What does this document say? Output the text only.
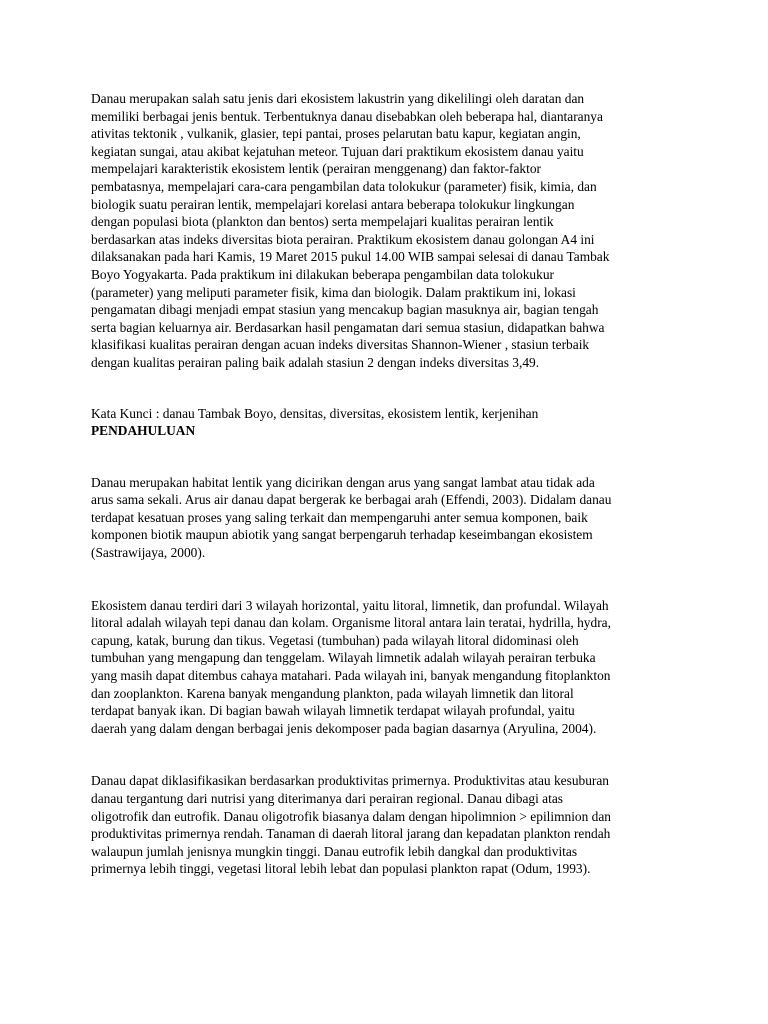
Danau merupakan salah satu jenis dari ekosistem lakustrin yang dikelilingi oleh daratan dan
memiliki berbagai jenis bentuk. Terbentuknya danau disebabkan oleh beberapa hal, diantaranya
ativitas tektonik , vulkanik, glasier, tepi pantai, proses pelarutan batu kapur, kegiatan angin,
kegiatan sungai, atau akibat kejatuhan meteor. Tujuan dari praktikum ekosistem danau yaitu
mempelajari karakteristik ekosistem lentik (perairan menggenang) dan faktor-faktor
pembatasnya, mempelajari cara-cara pengambilan data tolokukur (parameter) fisik, kimia, dan
biologik suatu perairan lentik, mempelajari korelasi antara beberapa tolokukur lingkungan
dengan populasi biota (plankton dan bentos) serta mempelajari kualitas perairan lentik
berdasarkan atas indeks diversitas biota perairan. Praktikum ekosistem danau golongan A4 ini
dilaksanakan pada hari Kamis, 19 Maret 2015 pukul 14.00 WIB sampai selesai di danau Tambak
Boyo Yogyakarta. Pada praktikum ini dilakukan beberapa pengambilan data tolokukur
(parameter) yang meliputi parameter fisik, kima dan biologik. Dalam praktikum ini, lokasi
pengamatan dibagi menjadi empat stasiun yang mencakup bagian masuknya air, bagian tengah
serta bagian keluarnya air. Berdasarkan hasil pengamatan dari semua stasiun, didapatkan bahwa
klasifikasi kualitas perairan dengan acuan indeks diversitas Shannon-Wiener , stasiun terbaik
dengan kualitas perairan paling baik adalah stasiun 2 dengan indeks diversitas 3,49.

Kata Kunci : danau Tambak Boyo, densitas, diversitas, ekosistem lentik, kerjenihan

PENDAHULUAN

Danau merupakan habitat lentik yang dicirikan dengan arus yang sangat lambat atau tidak ada
arus sama sekali. Arus air danau dapat bergerak ke berbagai arah (Effendi, 2003). Didalam danau
terdapat kesatuan proses yang saling terkait dan mempengaruhi anter semua komponen, baik
komponen biotik maupun abiotik yang sangat berpengaruh terhadap keseimbangan ekosistem
(Sastrawijaya, 2000).

Ekosistem danau terdiri dari 3 wilayah horizontal, yaitu litoral, limnetik, dan profundal. Wilayah
litoral adalah wilayah tepi danau dan kolam. Organisme litoral antara lain teratai, hydrilla, hydra,
capung, katak, burung dan tikus. Vegetasi (tumbuhan) pada wilayah litoral didominasi oleh
tumbuhan yang mengapung dan tenggelam. Wilayah limnetik adalah wilayah perairan terbuka
yang masih dapat ditembus cahaya matahari. Pada wilayah ini, banyak mengandung fitoplankton
dan zooplankton. Karena banyak mengandung plankton, pada wilayah limnetik dan litoral
terdapat banyak ikan. Di bagian bawah wilayah limnetik terdapat wilayah profundal, yaitu
daerah yang dalam dengan berbagai jenis dekomposer pada bagian dasarnya (Aryulina, 2004).

Danau dapat diklasifikasikan berdasarkan produktivitas primernya. Produktivitas atau kesuburan
danau tergantung dari nutrisi yang diterimanya dari perairan regional. Danau dibagi atas
oligotrofik dan eutrofik. Danau oligotrofik biasanya dalam dengan hipolimnion > epilimnion dan
produktivitas primernya rendah. Tanaman di daerah litoral jarang dan kepadatan plankton rendah
walaupun jumlah jenisnya mungkin tinggi. Danau eutrofik lebih dangkal dan produktivitas
primernya lebih tinggi, vegetasi litoral lebih lebat dan populasi plankton rapat (Odum, 1993).
